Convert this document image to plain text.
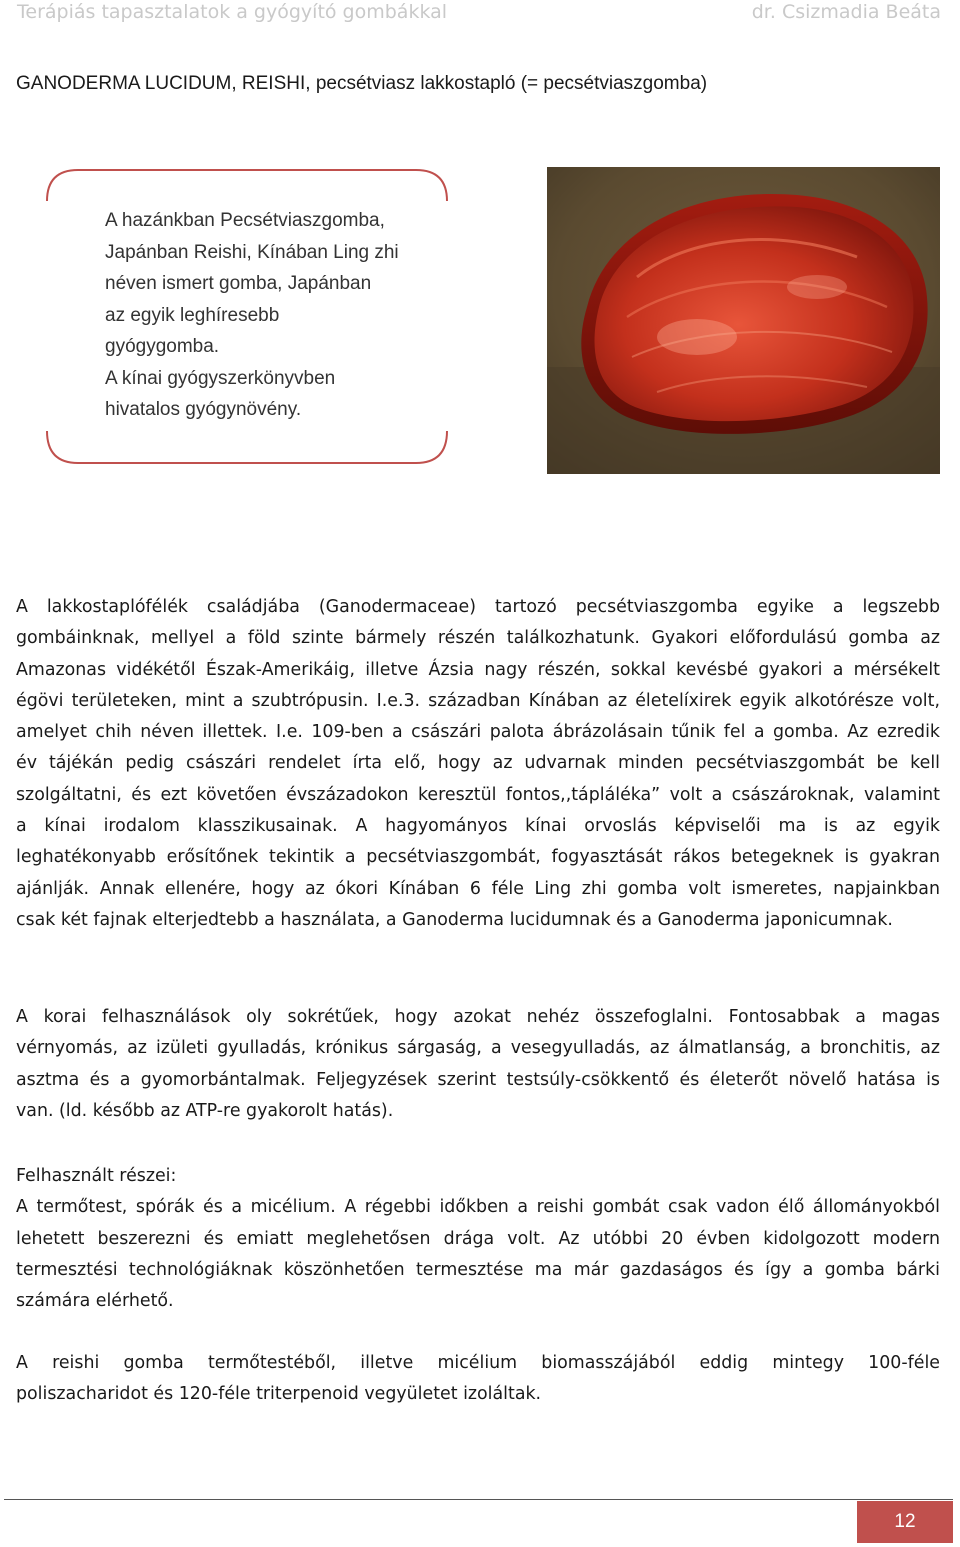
Terápiás tapasztalatok a gyógyító gombákkal	dr. Csizmadia Beáta
GANODERMA LUCIDUM, REISHI, pecsétviasz lakkostapló (= pecsétviaszgomba)
A hazánkban Pecsétviaszgomba,
Japánban Reishi, Kínában Ling zhi
néven ismert gomba, Japánban
az egyik leghíresebb
gyógygomba.
A kínai gyógyszerkönyvben
hivatalos gyógynövény.

A lakkostaplófélék családjába (Ganodermaceae) tartozó pecsétviaszgomba egyike a legszebb
gombáinknak, mellyel a föld szinte bármely részén találkozhatunk. Gyakori előfordulású gomba az
Amazonas vidékétől Észak-Amerikáig, illetve Ázsia nagy részén, sokkal kevésbé gyakori a mérsékelt
égövi területeken, mint a szubtrópusin. I.e.3. században Kínában az életelíxirek egyik alkotórésze volt,
amelyet chih néven illettek. I.e. 109-ben a császári palota ábrázolásain tűnik fel a gomba. Az ezredik
év tájékán pedig császári rendelet írta elő, hogy az udvarnak minden pecsétviaszgombát be kell
szolgáltatni, és ezt követően évszázadokon keresztül fontos,,tápláléka” volt a császároknak, valamint
a kínai irodalom klasszikusainak. A hagyományos kínai orvoslás képviselői ma is az egyik
leghatékonyabb erősítőnek tekintik a pecsétviaszgombát, fogyasztását rákos betegeknek is gyakran
ajánlják. Annak ellenére, hogy az ókori Kínában 6 féle Ling zhi gomba volt ismeretes, napjainkban
csak két fajnak elterjedtebb a használata, a Ganoderma lucidumnak és a Ganoderma japonicumnak.

A korai felhasználások oly sokrétűek, hogy azokat nehéz összefoglalni. Fontosabbak a magas
vérnyomás, az izületi gyulladás, krónikus sárgaság, a vesegyulladás, az álmatlanság, a bronchitis, az
asztma és a gyomorbántalmak. Feljegyzések szerint testsúly-csökkentő és életerőt növelő hatása is
van. (ld. később az ATP-re gyakorolt hatás).

Felhasznált részei:
A termőtest, spórák és a micélium. A régebbi időkben a reishi gombát csak vadon élő állományokból
lehetett beszerezni és emiatt meglehetősen drága volt. Az utóbbi 20 évben kidolgozott modern
termesztési technológiáknak köszönhetően termesztése ma már gazdaságos és így a gomba bárki
számára elérhető.

A reishi gomba termőtestéből, illetve micélium biomasszájából eddig mintegy 100-féle
poliszacharidot és 120-féle triterpenoid vegyületet izoláltak.

12
